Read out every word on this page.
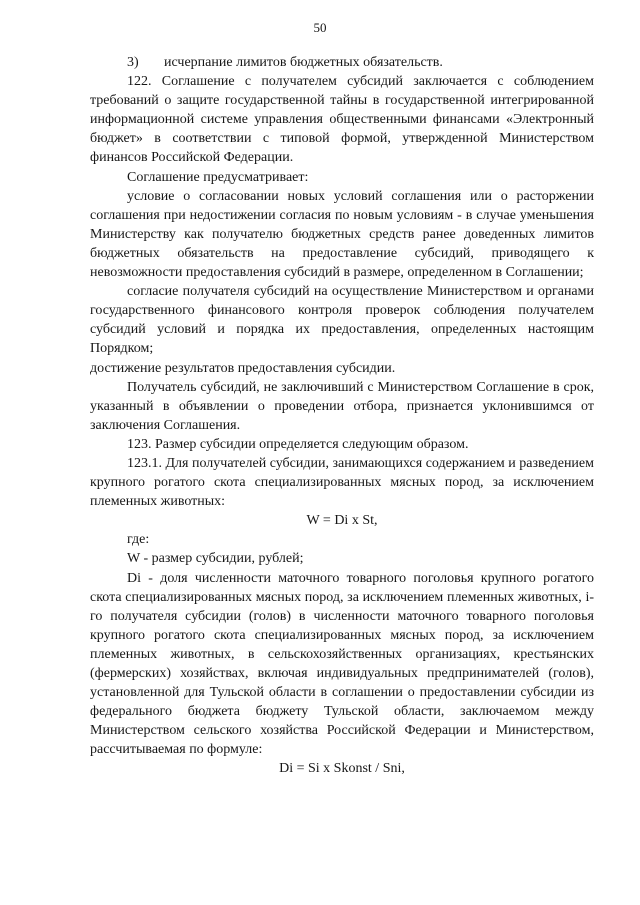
50

3) исчерпание лимитов бюджетных обязательств.

122. Соглашение с получателем субсидий заключается с соблюдением требований о защите государственной тайны в государственной интегрированной информационной системе управления общественными финансами «Электронный бюджет» в соответствии с типовой формой, утвержденной Министерством финансов Российской Федерации.

Соглашение предусматривает:

условие о согласовании новых условий соглашения или о расторжении соглашения при недостижении согласия по новым условиям - в случае уменьшения Министерству как получателю бюджетных средств ранее доведенных лимитов бюджетных обязательств на предоставление субсидий, приводящего к невозможности предоставления субсидий в размере, определенном в Соглашении;

согласие получателя субсидий на осуществление Министерством и органами государственного финансового контроля проверок соблюдения получателем субсидий условий и порядка их предоставления, определенных настоящим Порядком;

достижение результатов предоставления субсидии.

Получатель субсидий, не заключивший с Министерством Соглашение в срок, указанный в объявлении о проведении отбора, признается уклонившимся от заключения Соглашения.

123. Размер субсидии определяется следующим образом.

123.1. Для получателей субсидии, занимающихся содержанием и разведением крупного рогатого скота специализированных мясных пород, за исключением племенных животных:

W = Di x St,

где:

W - размер субсидии, рублей;

Di - доля численности маточного товарного поголовья крупного рогатого скота специализированных мясных пород, за исключением племенных животных, i-го получателя субсидии (голов) в численности маточного товарного поголовья крупного рогатого скота специализированных мясных пород, за исключением племенных животных, в сельскохозяйственных организациях, крестьянских (фермерских) хозяйствах, включая индивидуальных предпринимателей (голов), установленной для Тульской области в соглашении о предоставлении субсидии из федерального бюджета бюджету Тульской области, заключаемом между Министерством сельского хозяйства Российской Федерации и Министерством, рассчитываемая по формуле:

Di = Si x Skonst / Sni,
